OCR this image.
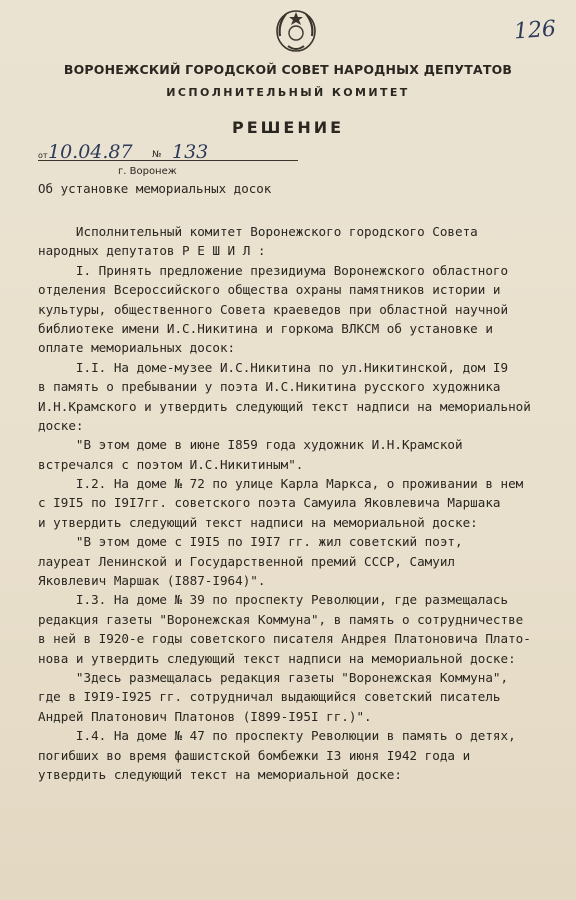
126
ВОРОНЕЖСКИЙ ГОРОДСКОЙ СОВЕТ НАРОДНЫХ ДЕПУТАТОВ
ИСПОЛНИТЕЛЬНЫЙ КОМИТЕТ
РЕШЕНИЕ
от 10.04.87 № 133
г. Воронеж
Об установке мемориальных досок
Исполнительный комитет Воронежского городского Совета
народных депутатов Р Е Ш И Л :
I. Принять предложение президиума Воронежского областного
отделения Всероссийского общества охраны памятников истории и
культуры, общественного Совета краеведов при областной научной
библиотеке имени И.С.Никитина и горкома ВЛКСМ об установке и
оплате мемориальных досок:
I.I. На доме-музее И.С.Никитина по ул.Никитинской, дом I9
в память о пребывании у поэта И.С.Никитина русского художника
И.Н.Крамского и утвердить следующий текст надписи на мемориальной
доске:
"В этом доме в июне I859 года художник И.Н.Крамской
встречался с поэтом И.С.Никитиным".
I.2. На доме № 72 по улице Карла Маркса, о проживании в нем
с I9I5 по I9I7гг. советского поэта Самуила Яковлевича Маршака
и утвердить следующий текст надписи на мемориальной доске:
"В этом доме с I9I5 по I9I7 гг. жил советский поэт,
лауреат Ленинской и Государственной премий СССР, Самуил
Яковлевич Маршак (I887-I964)".
I.3. На доме № 39 по проспекту Революции, где размещалась
редакция газеты "Воронежская Коммуна", в память о сотрудничестве
в ней в I920-е годы советского писателя Андрея Платоновича Плато-
нова и утвердить следующий текст надписи на мемориальной доске:
"Здесь размещалась редакция газеты "Воронежская Коммуна",
где в I9I9-I925 гг. сотрудничал выдающийся советский писатель
Андрей Платонович Платонов (I899-I95I гг.)".
I.4. На доме № 47 по проспекту Революции в память о детях,
погибших во время фашистской бомбежки I3 июня I942 года и
утвердить следующий текст на мемориальной доске:
